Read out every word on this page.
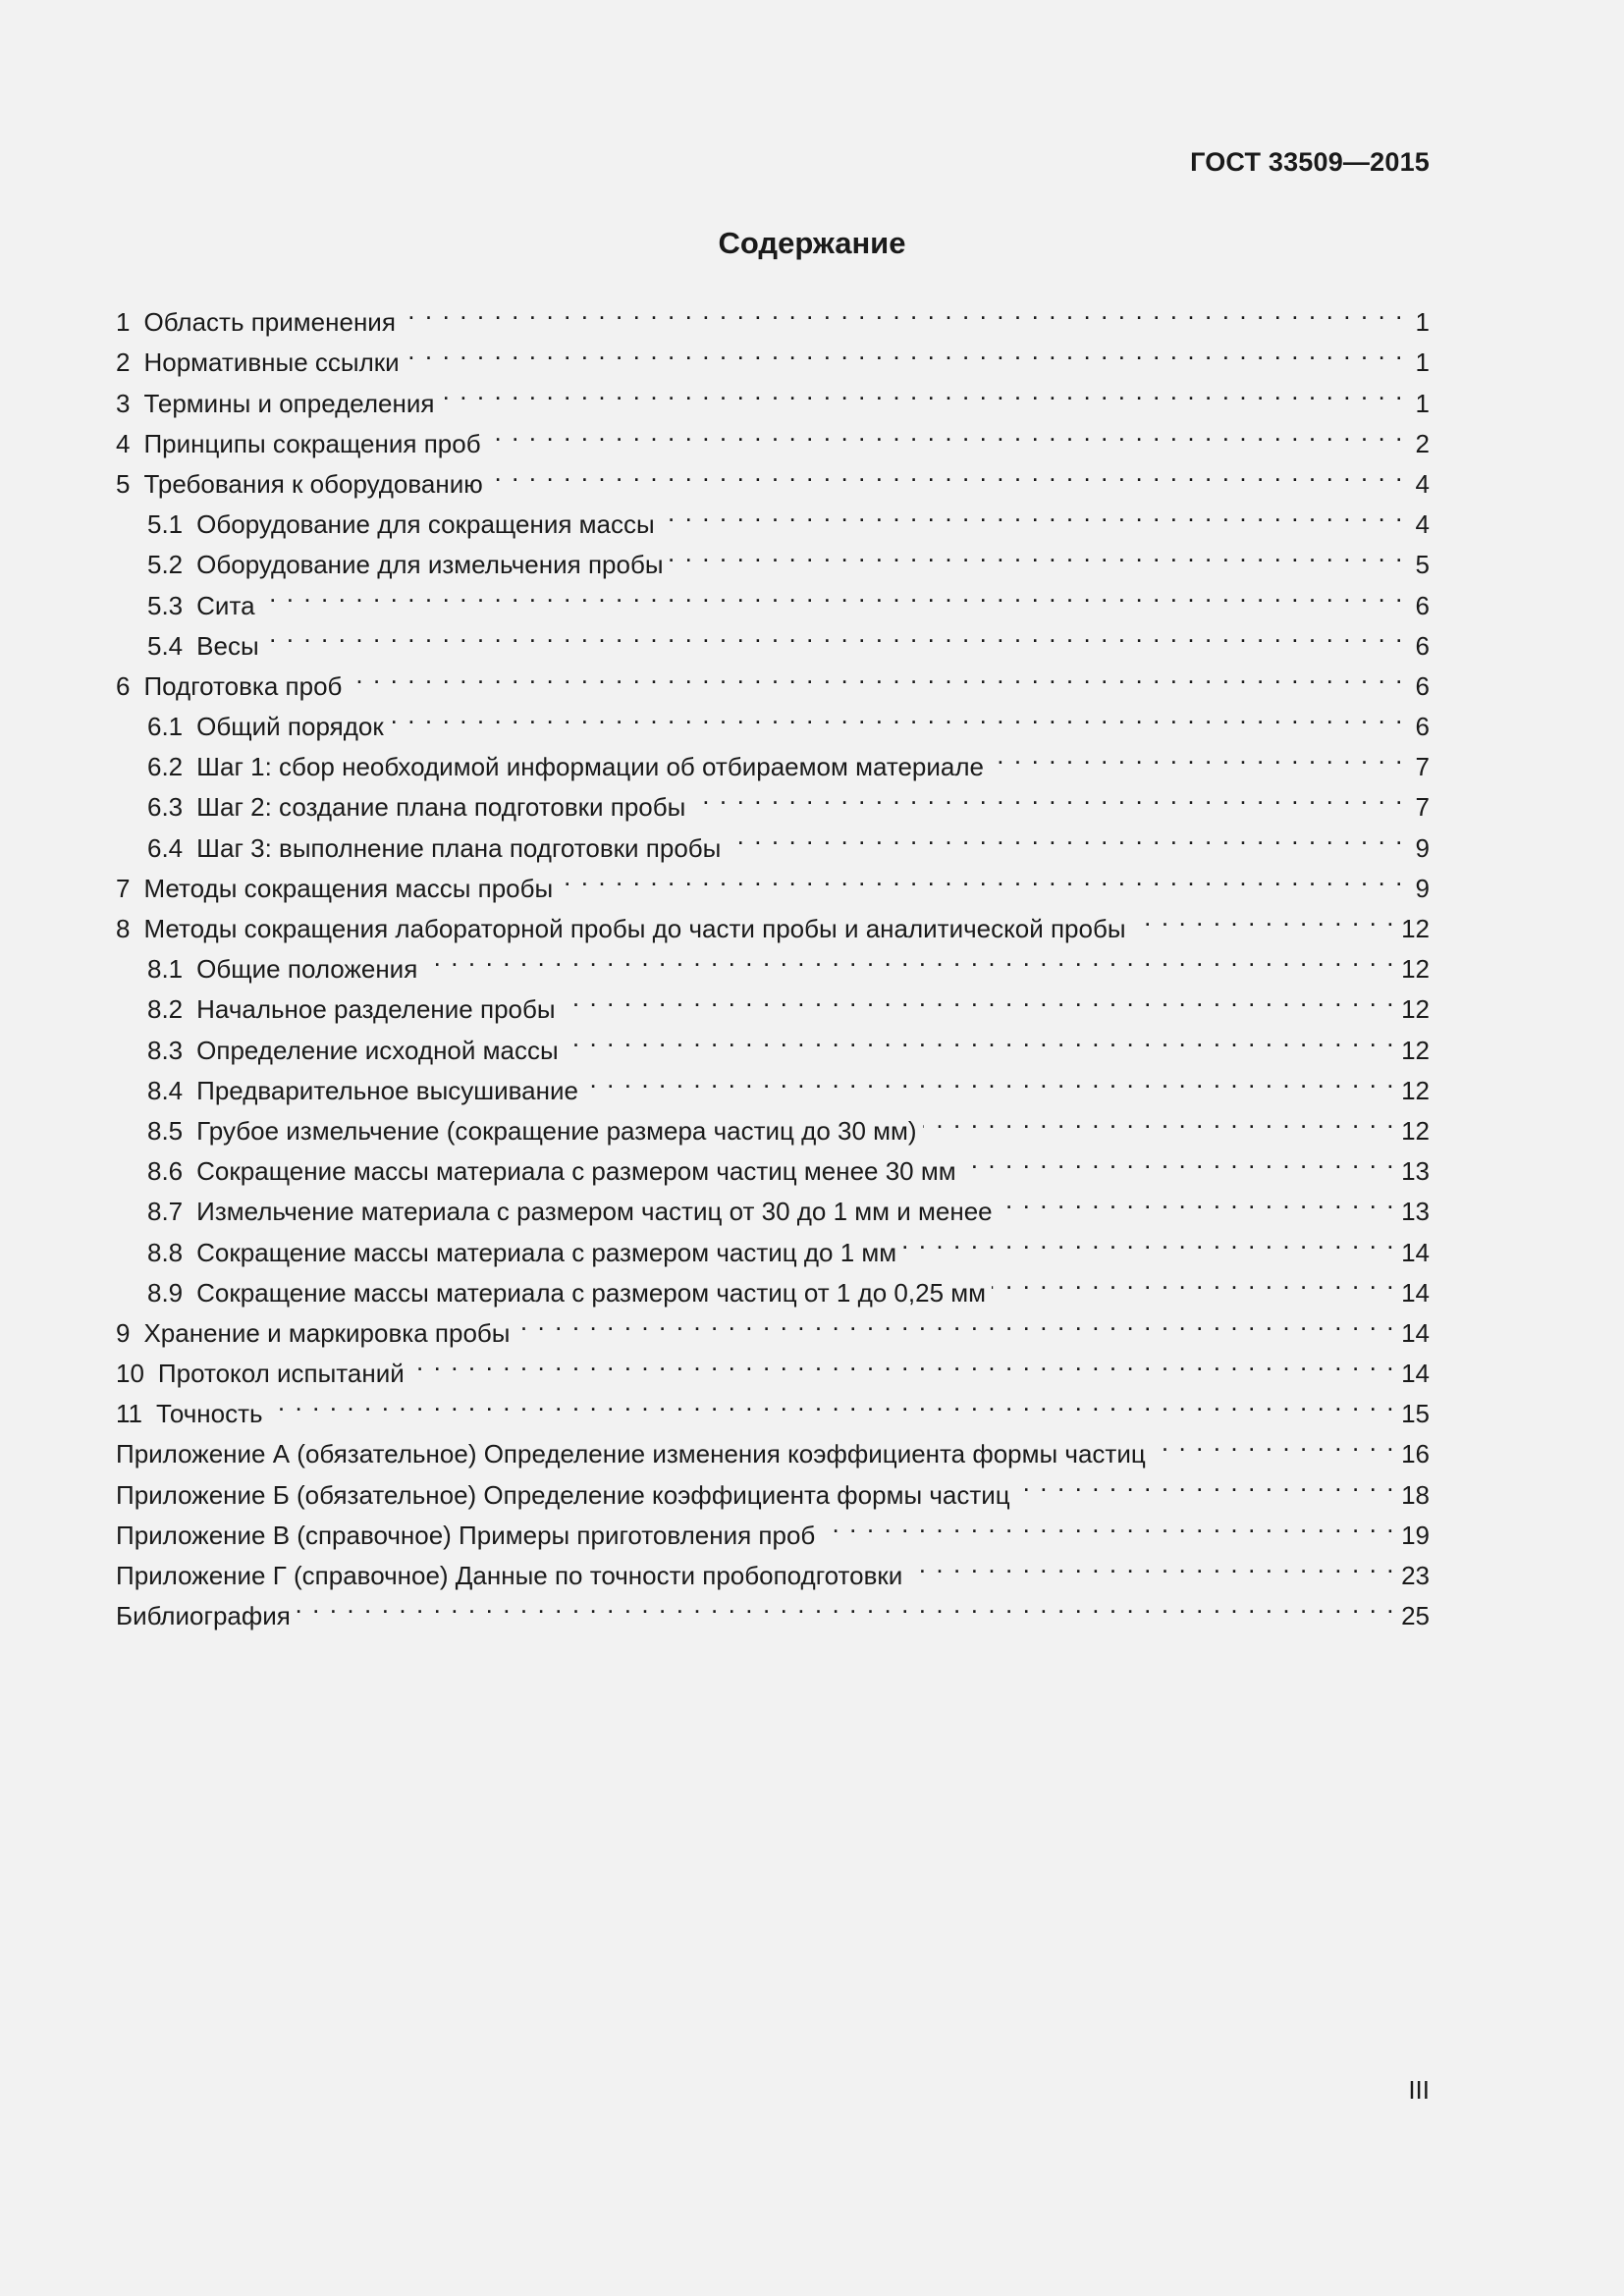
ГОСТ 33509—2015
Содержание
1 Область применения . . .	1
2 Нормативные ссылки . . .	1
3 Термины и определения . . .	1
4 Принципы сокращения проб . . .	2
5 Требования к оборудованию . . .	4
5.1 Оборудование для сокращения массы . . .	4
5.2 Оборудование для измельчения пробы . . .	5
5.3 Сита . . .	6
5.4 Весы . . .	6
6 Подготовка проб . . .	6
6.1 Общий порядок . . .	6
6.2 Шаг 1: сбор необходимой информации об отбираемом материале . . .	7
6.3 Шаг 2: создание плана подготовки пробы . . .	7
6.4 Шаг 3: выполнение плана подготовки пробы . . .	9
7 Методы сокращения массы пробы . . .	9
8 Методы сокращения лабораторной пробы до части пробы и аналитической пробы . . .	12
8.1 Общие положения . . .	12
8.2 Начальное разделение пробы . . .	12
8.3 Определение исходной массы . . .	12
8.4 Предварительное высушивание . . .	12
8.5 Грубое измельчение (сокращение размера частиц до 30 мм) . . .	12
8.6 Сокращение массы материала с размером частиц менее 30 мм . . .	13
8.7 Измельчение материала с размером частиц от 30 до 1 мм и менее . . .	13
8.8 Сокращение массы материала с размером частиц до 1 мм . . .	14
8.9 Сокращение массы материала с размером частиц от 1 до 0,25 мм . . .	14
9 Хранение и маркировка пробы . . .	14
10 Протокол испытаний . . .	14
11 Точность . . .	15
Приложение А (обязательное) Определение изменения коэффициента формы частиц . . .	16
Приложение Б (обязательное) Определение коэффициента формы частиц . . .	18
Приложение В (справочное) Примеры приготовления проб . . .	19
Приложение Г (справочное) Данные по точности пробоподготовки . . .	23
Библиография . . .	25
III
